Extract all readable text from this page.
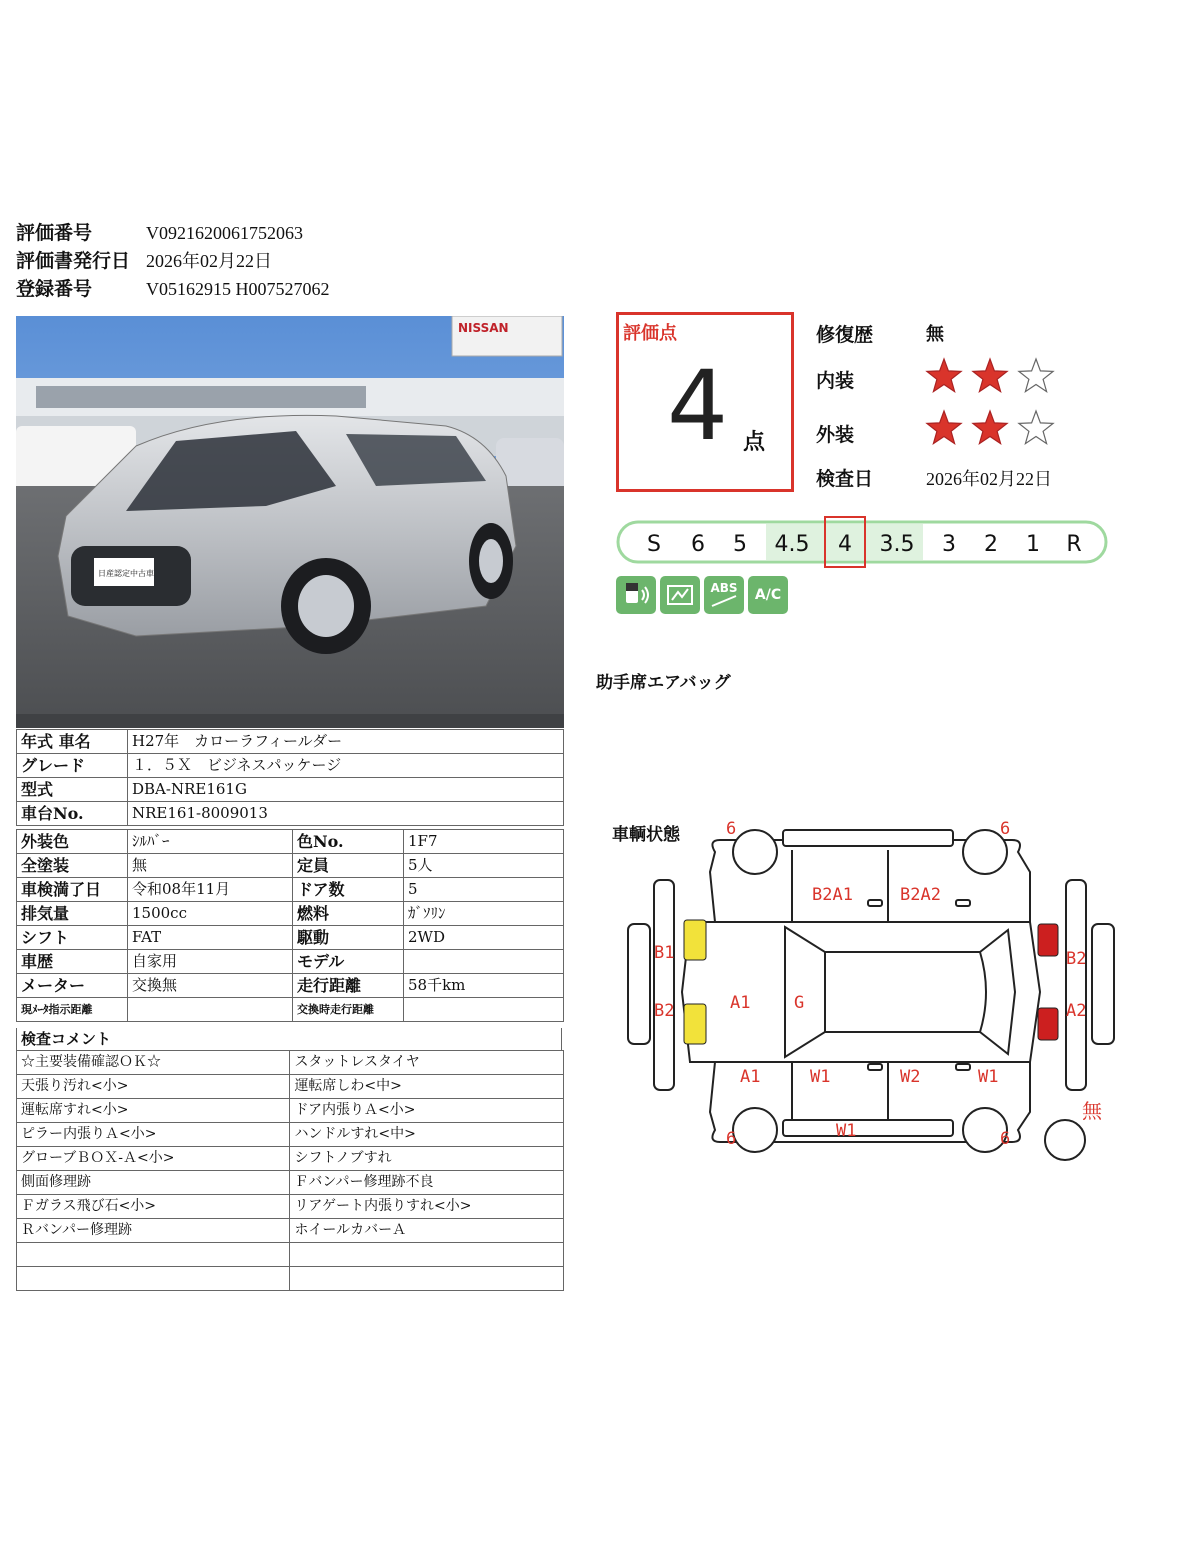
評価番号	V0921620061752063
評価書発行日 2026年02月22日
登録番号	V05162915 H007527062
NISSAN
日産認定中古車
年式 車名	H27年　カローラフィールダー
グレード	１．５Ｘ　ビジネスパッケージ
型式	DBA-NRE161G
車台No.	NRE161-8009013
外装色	ｼﾙﾊﾞｰ	色No.	1F7
全塗装	無	定員	5人
車検満了日	令和08年11月	ドア数	5
排気量	1500cc	燃料	ｶﾞｿﾘﾝ
シフト	FAT	駆動	2WD
車歴	自家用	モデル	
メーター	交換無	走行距離	58千km
現ﾒｰﾀ指示距離		交換時走行距離	
検査コメント
☆主要装備確認ＯＫ☆	スタットレスタイヤ
天張り汚れ<小>	運転席しわ<中>
運転席すれ<小>	ドア内張りＡ<小>
ピラー内張りＡ<小>	ハンドルすれ<中>
グローブＢＯＸ-Ａ<小>	シフトノブすれ
側面修理跡	Ｆバンパー修理跡不良
Ｆガラス飛び石<小>	リアゲート内張りすれ<小>
Ｒバンパー修理跡	ホイールカバーＡ

評価点
4 点
修復歴	無
内装
外装
検査日	2026年02月22日
S 6 5 4.5 4 3.5 3 2 1 R
ABS A/C
助手席エアバッグ
車輌状態	6	6
B2A1	B2A2
B1
B2	A1	G
A1	W1	W2	W1
W1
6	6
B2
A2
無
